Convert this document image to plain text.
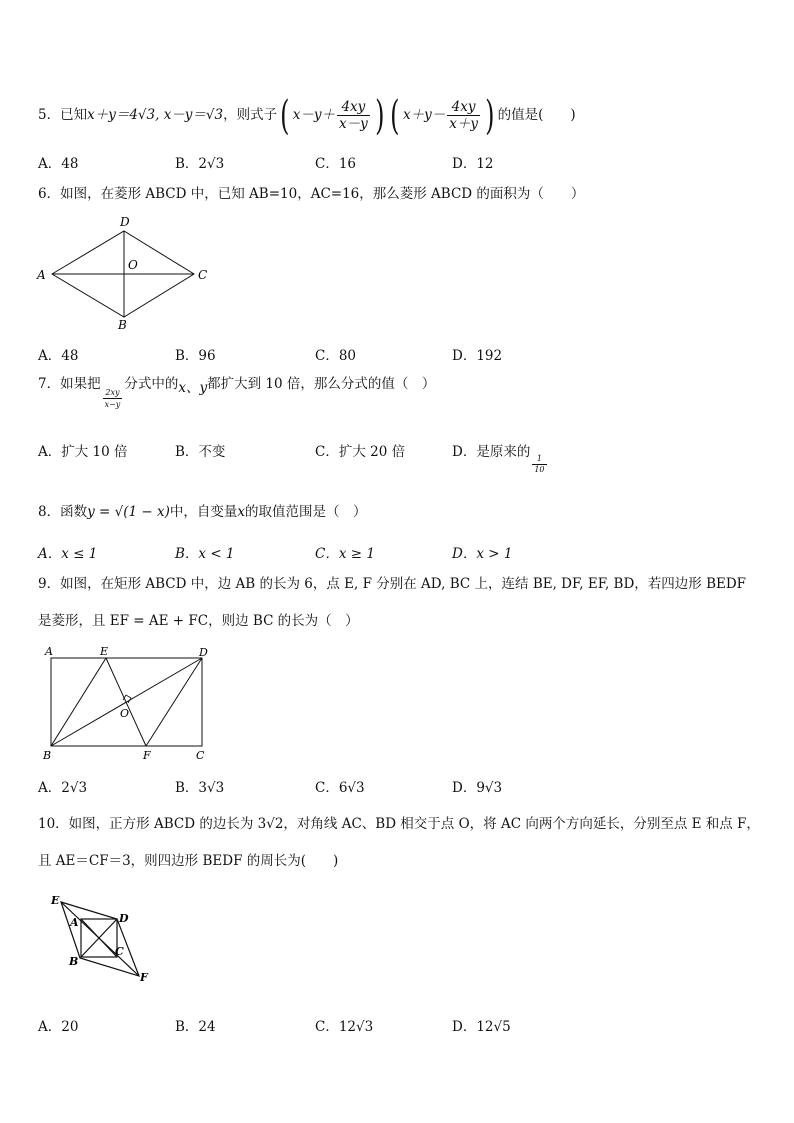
5．已知x＋y＝4√3, x－y＝√3，则式子( $x-y+ \frac{4xy}{x-y}$ ) ( $x+y- \frac{4xy}{x+y}$ ) 的值是(　　)
A．48	B．2√3	C．16	D．12
6．如图，在菱形 ABCD 中，已知 AB=10，AC=16，那么菱形 ABCD 的面积为（　　）
A
B
C
D
O
A．48	B．96	C．80	D．192
7．如果把
$\frac{2xy}{x-y}$
分式中的x、y都扩大到 10 倍，那么分式的值（　）
A．扩大 10 倍	B．不变	C．扩大 20 倍	D．是原来的
$\frac{1}{10}$
8．函数y = √(1 − x)中，自变量x的取值范围是（　）
A．x ≤ 1	B．x < 1	C．x ≥ 1	D．x > 1
9．如图，在矩形 ABCD 中，边 AB 的长为 6，点 E, F 分别在 AD, BC 上，连结 BE, DF, EF, BD，若四边形 BEDF
是菱形，且 EF = AE + FC，则边 BC 的长为（　）
A	E	D
O
B	F	C
A．2√3	B．3√3	C．6√3	D．9√3
10．如图，正方形 ABCD 的边长为 3√2，对角线 AC、BD 相交于点 O，将 AC 向两个方向延长，分别至点 E 和点 F，
且 AE＝CF＝3，则四边形 BEDF 的周长为(　　)
E
A	D
B
C
F
A．20	B．24	C．12√3	D．12√5
